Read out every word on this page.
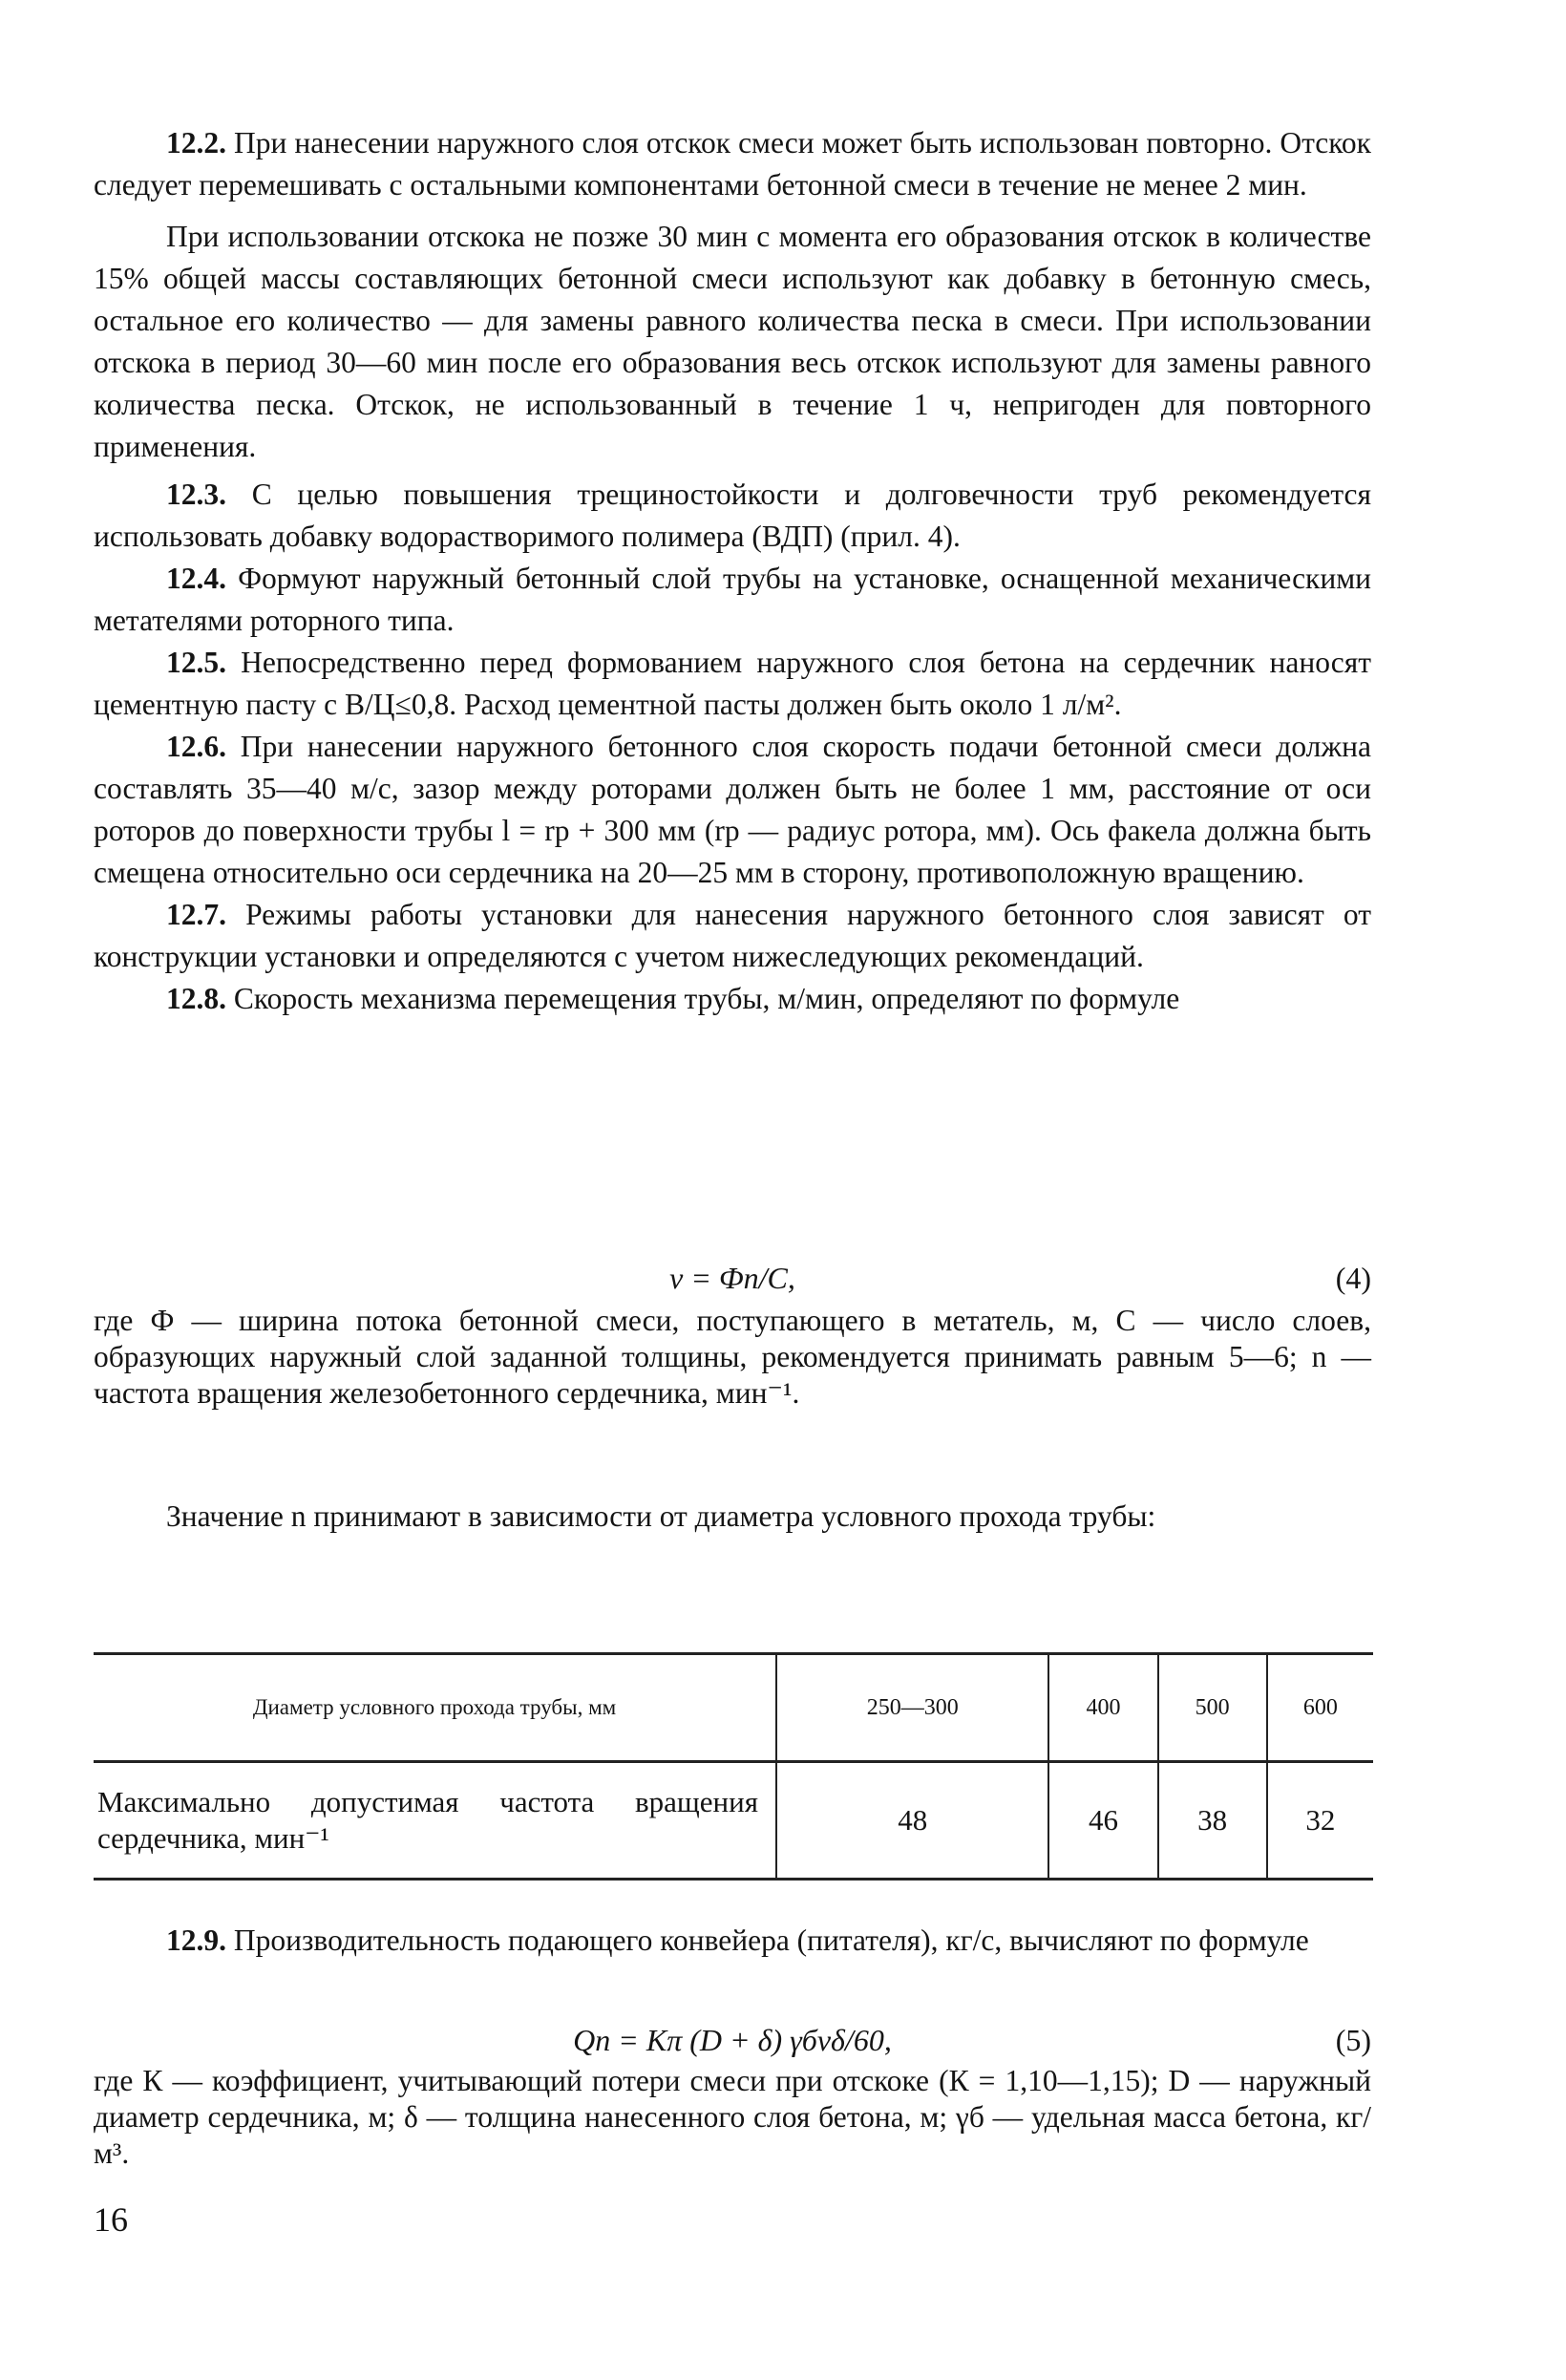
12.2. При нанесении наружного слоя отскок смеси может быть использован повторно. Отскок следует перемешивать с остальными компонентами бетонной смеси в течение не менее 2 мин.

При использовании отскока не позже 30 мин с момента его образования отскок в количестве 15% общей массы составляющих бетонной смеси используют как добавку в бетонную смесь, остальное его количество — для замены равного количества песка в смеси. При использовании отскока в период 30—60 мин после его образования весь отскок используют для замены равного количества песка. Отскок, не использованный в течение 1 ч, непригоден для повторного применения.

12.3. С целью повышения трещиностойкости и долговечности труб рекомендуется использовать добавку водорастворимого полимера (ВДП) (прил. 4).

12.4. Формуют наружный бетонный слой трубы на установке, оснащенной механическими метателями роторного типа.

12.5. Непосредственно перед формованием наружного слоя бетона на сердечник наносят цементную пасту с В/Ц≤0,8. Расход цементной пасты должен быть около 1 л/м².

12.6. При нанесении наружного бетонного слоя скорость подачи бетонной смеси должна составлять 35—40 м/с, зазор между роторами должен быть не более 1 мм, расстояние от оси роторов до поверхности трубы l = rр + 300 мм (rр — радиус ротора, мм). Ось факела должна быть смещена относительно оси сердечника на 20—25 мм в сторону, противоположную вращению.

12.7. Режимы работы установки для нанесения наружного бетонного слоя зависят от конструкции установки и определяются с учетом нижеследующих рекомендаций.

12.8. Скорость механизма перемещения трубы, м/мин, определяют по формуле

v = Фn/C,	(4)

где Ф — ширина потока бетонной смеси, поступающего в метатель, м, С — число слоев, образующих наружный слой заданной толщины, рекомендуется принимать равным 5—6; n — частота вращения железобетонного сердечника, мин⁻¹.

Значение n принимают в зависимости от диаметра условного прохода трубы:

Диаметр условного прохода трубы, мм	250—300	400	500	600
Максимально допустимая частота вращения сердечника, мин⁻¹	48	46	38	32

12.9. Производительность подающего конвейера (питателя), кг/с, вычисляют по формуле

Qп = Kπ (D + δ) γбvδ/60,	(5)

где К — коэффициент, учитывающий потери смеси при отскоке (К = 1,10—1,15); D — наружный диаметр сердечника, м; δ — толщина нанесенного слоя бетона, м; γб — удельная масса бетона, кг/м³.

16
